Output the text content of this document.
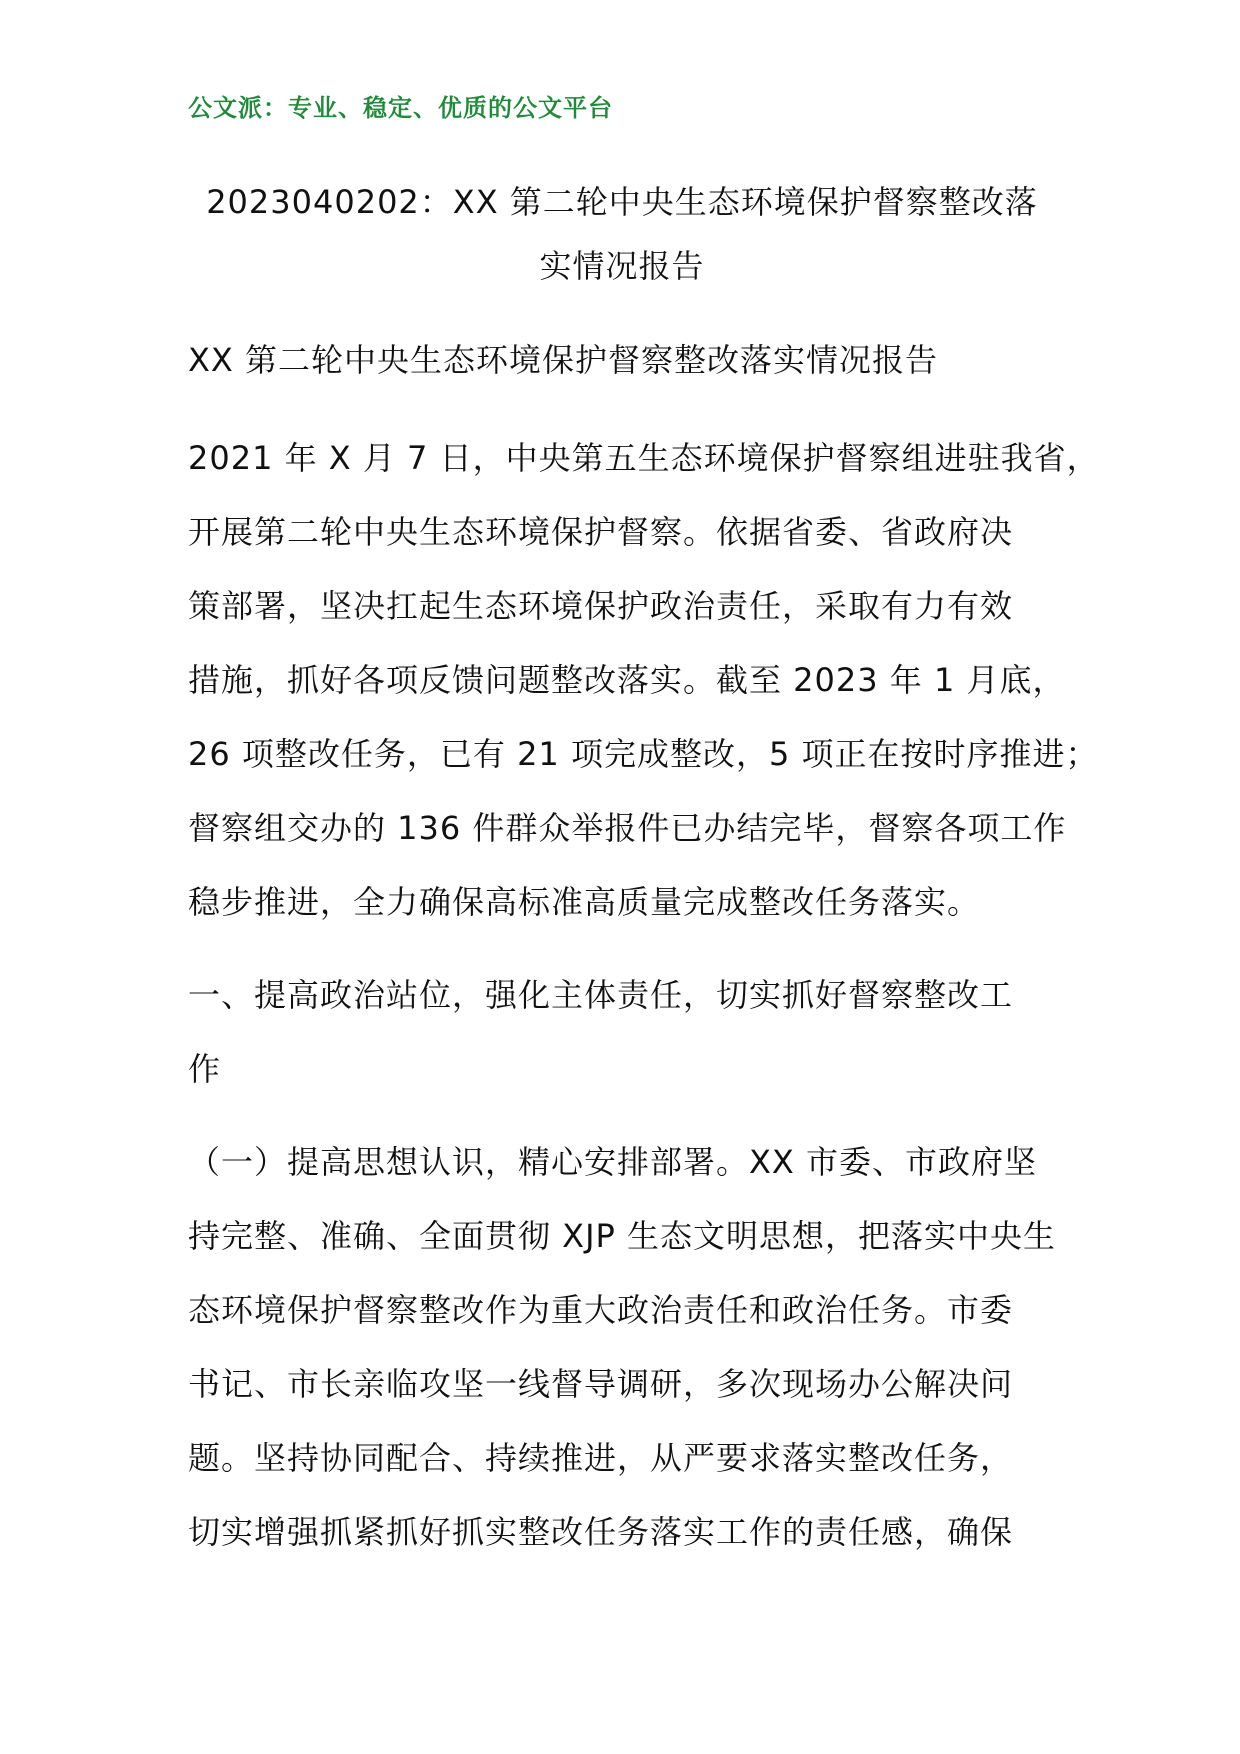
公文派：专业、稳定、优质的公文平台
2023040202：XX 第二轮中央生态环境保护督察整改落
实情况报告
XX 第二轮中央生态环境保护督察整改落实情况报告
2021 年 X 月 7 日，中央第五生态环境保护督察组进驻我省，
开展第二轮中央生态环境保护督察。依据省委、省政府决
策部署，坚决扛起生态环境保护政治责任，采取有力有效
措施，抓好各项反馈问题整改落实。截至 2023 年 1 月底，
26 项整改任务，已有 21 项完成整改，5 项正在按时序推进；
督察组交办的 136 件群众举报件已办结完毕，督察各项工作
稳步推进，全力确保高标准高质量完成整改任务落实。
一、提高政治站位，强化主体责任，切实抓好督察整改工
作
（一）提高思想认识，精心安排部署。XX 市委、市政府坚
持完整、准确、全面贯彻 XJP 生态文明思想，把落实中央生
态环境保护督察整改作为重大政治责任和政治任务。市委
书记、市长亲临攻坚一线督导调研，多次现场办公解决问
题。坚持协同配合、持续推进，从严要求落实整改任务，
切实增强抓紧抓好抓实整改任务落实工作的责任感，确保
